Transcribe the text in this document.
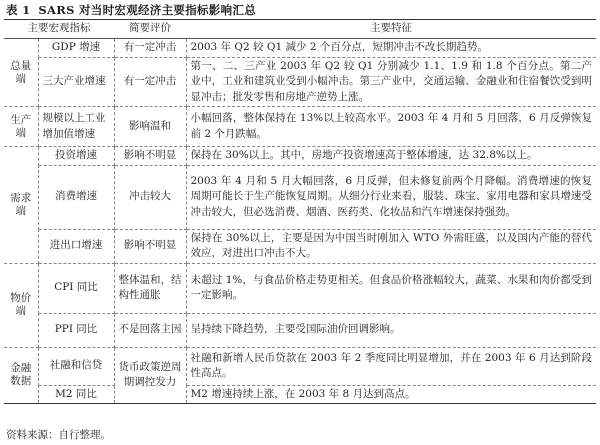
表 1 SARS 对当时宏观经济主要指标影响汇总
主要宏观指标		简要评价	主要特征
总量端	GDP 增速	有一定冲击	2003 年 Q2 较 Q1 减少 2 个百分点，短期冲击不改长期趋势。
	三大产业增速	有一定冲击	第一、二、三产业 2003 年 Q2 较 Q1 分别减少 1.1、1.9 和 1.8 个百分点。第二产业中，工业和建筑业受到小幅冲击。第三产业中，交通运输、金融业和住宿餐饮受到明显冲击；批发零售和房地产逆势上涨。
生产端	规模以上工业增加值增速	影响温和	小幅回落，整体保持在 13%以上较高水平。2003 年 4 月和 5 月回落，6 月反弹恢复前 2 个月跌幅。
需求端	投资增速	影响不明显	保持在 30%以上。其中，房地产投资增速高于整体增速，达 32.8%以上。
	消费增速	冲击较大	2003 年 4 月和 5 月大幅回落，6 月反弹，但未修复前两个月降幅。消费增速的恢复周期可能长于生产能恢复周期。从细分行业来看，服装、珠宝、家用电器和家具增速受冲击较大，但必选消费、烟酒、医药类、化妆品和汽车增速保持强劲。
	进出口增速	影响不明显	保持在 30%以上，主要是因为中国当时刚加入 WTO 外需旺盛，以及国内产能的替代效应，对进出口冲击不大。
物价端	CPI 同比	整体温和，结构性通胀	未超过 1%，与食品价格走势更相关。但食品价格涨幅较大，蔬菜、水果和肉价都受到一定影响。
	PPI 同比	不是回落主因	呈持续下降趋势，主要受国际油价回调影响。
金融数据	社融和信贷	货币政策逆周期调控发力	社融和新增人民币贷款在 2003 年 2 季度同比明显增加，并在 2003 年 6 月达到阶段性高点。
	M2 同比		M2 增速持续上涨，在 2003 年 8 月达到高点。
资料来源：自行整理。
